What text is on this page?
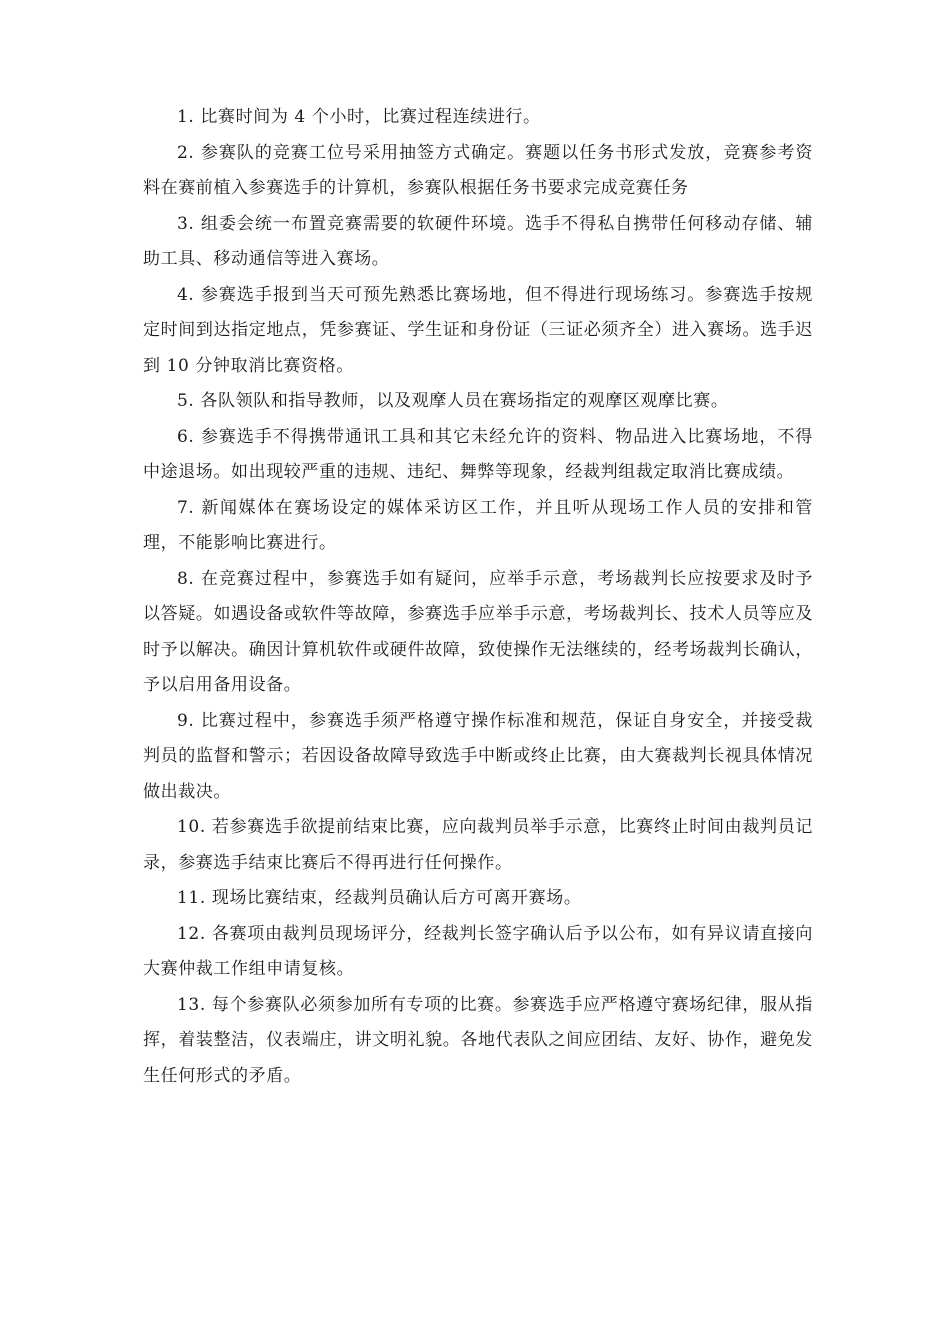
1. 比赛时间为 4 个小时，比赛过程连续进行。

2. 参赛队的竞赛工位号采用抽签方式确定。赛题以任务书形式发放，竞赛参考资料在赛前植入参赛选手的计算机，参赛队根据任务书要求完成竞赛任务

3. 组委会统一布置竞赛需要的软硬件环境。选手不得私自携带任何移动存储、辅助工具、移动通信等进入赛场。

4. 参赛选手报到当天可预先熟悉比赛场地，但不得进行现场练习。参赛选手按规定时间到达指定地点，凭参赛证、学生证和身份证（三证必须齐全）进入赛场。选手迟到 10 分钟取消比赛资格。

5. 各队领队和指导教师，以及观摩人员在赛场指定的观摩区观摩比赛。

6. 参赛选手不得携带通讯工具和其它未经允许的资料、物品进入比赛场地，不得中途退场。如出现较严重的违规、违纪、舞弊等现象，经裁判组裁定取消比赛成绩。

7. 新闻媒体在赛场设定的媒体采访区工作，并且听从现场工作人员的安排和管理，不能影响比赛进行。

8. 在竞赛过程中，参赛选手如有疑问，应举手示意，考场裁判长应按要求及时予以答疑。如遇设备或软件等故障，参赛选手应举手示意，考场裁判长、技术人员等应及时予以解决。确因计算机软件或硬件故障，致使操作无法继续的，经考场裁判长确认，予以启用备用设备。

9. 比赛过程中，参赛选手须严格遵守操作标准和规范，保证自身安全，并接受裁判员的监督和警示；若因设备故障导致选手中断或终止比赛，由大赛裁判长视具体情况做出裁决。

10. 若参赛选手欲提前结束比赛，应向裁判员举手示意，比赛终止时间由裁判员记录，参赛选手结束比赛后不得再进行任何操作。

11. 现场比赛结束，经裁判员确认后方可离开赛场。

12. 各赛项由裁判员现场评分，经裁判长签字确认后予以公布，如有异议请直接向大赛仲裁工作组申请复核。

13. 每个参赛队必须参加所有专项的比赛。参赛选手应严格遵守赛场纪律，服从指挥，着装整洁，仪表端庄，讲文明礼貌。各地代表队之间应团结、友好、协作，避免发生任何形式的矛盾。
